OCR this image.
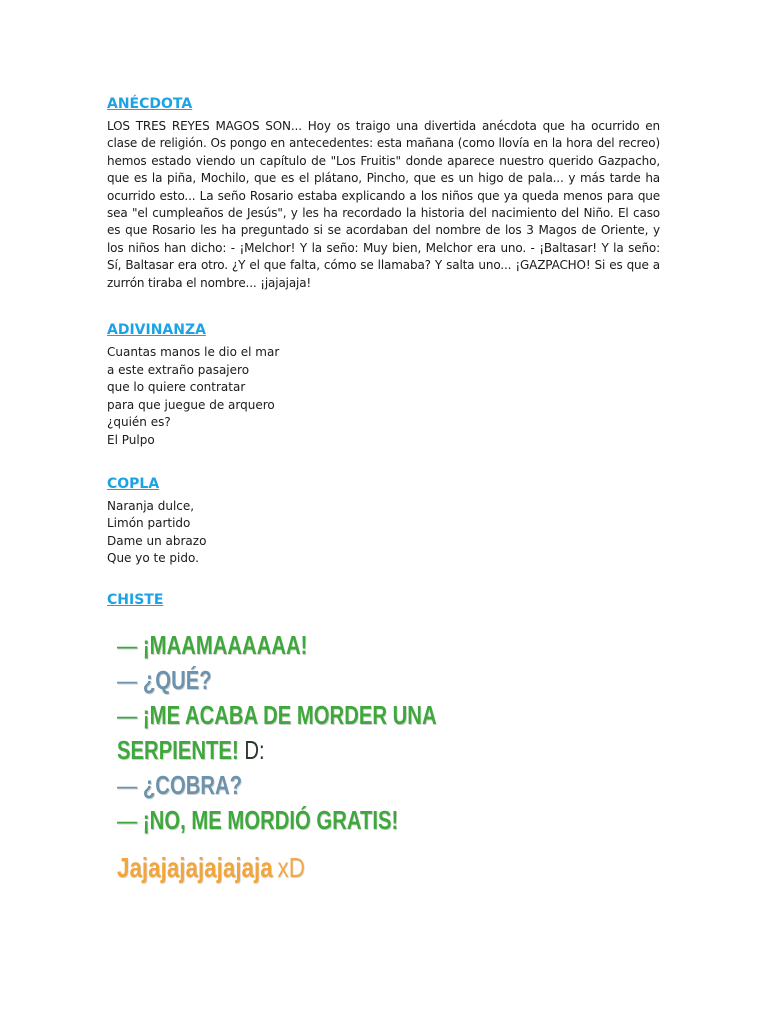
ANÉCDOTA

LOS TRES REYES MAGOS SON... Hoy os traigo una divertida anécdota que ha ocurrido en clase de religión. Os pongo en antecedentes: esta mañana (como llovía en la hora del recreo) hemos estado viendo un capítulo de "Los Fruitis" donde aparece nuestro querido Gazpacho, que es la piña, Mochilo, que es el plátano, Pincho, que es un higo de pala... y más tarde ha ocurrido esto... La seño Rosario estaba explicando a los niños que ya queda menos para que sea "el cumpleaños de Jesús", y les ha recordado la historia del nacimiento del Niño. El caso es que Rosario les ha preguntado si se acordaban del nombre de los 3 Magos de Oriente, y los niños han dicho: - ¡Melchor! Y la seño: Muy bien, Melchor era uno. - ¡Baltasar! Y la seño: Sí, Baltasar era otro. ¿Y el que falta, cómo se llamaba? Y salta uno... ¡GAZPACHO! Si es que a zurrón tiraba el nombre... ¡jajajaja!

ADIVINANZA
Cuantas manos le dio el mar
a este extraño pasajero
que lo quiere contratar
para que juegue de arquero
¿quién es?
El Pulpo
COPLA
Naranja dulce,
Limón partido
Dame un abrazo
Que yo te pido.
CHISTE
— ¡MAAMAAAAAA!
— ¿QUÉ?
— ¡ME ACABA DE MORDER UNA
SERPIENTE! D:
— ¿COBRA?
— ¡NO, ME MORDIÓ GRATIS!
Jajajajajajajaja xD
